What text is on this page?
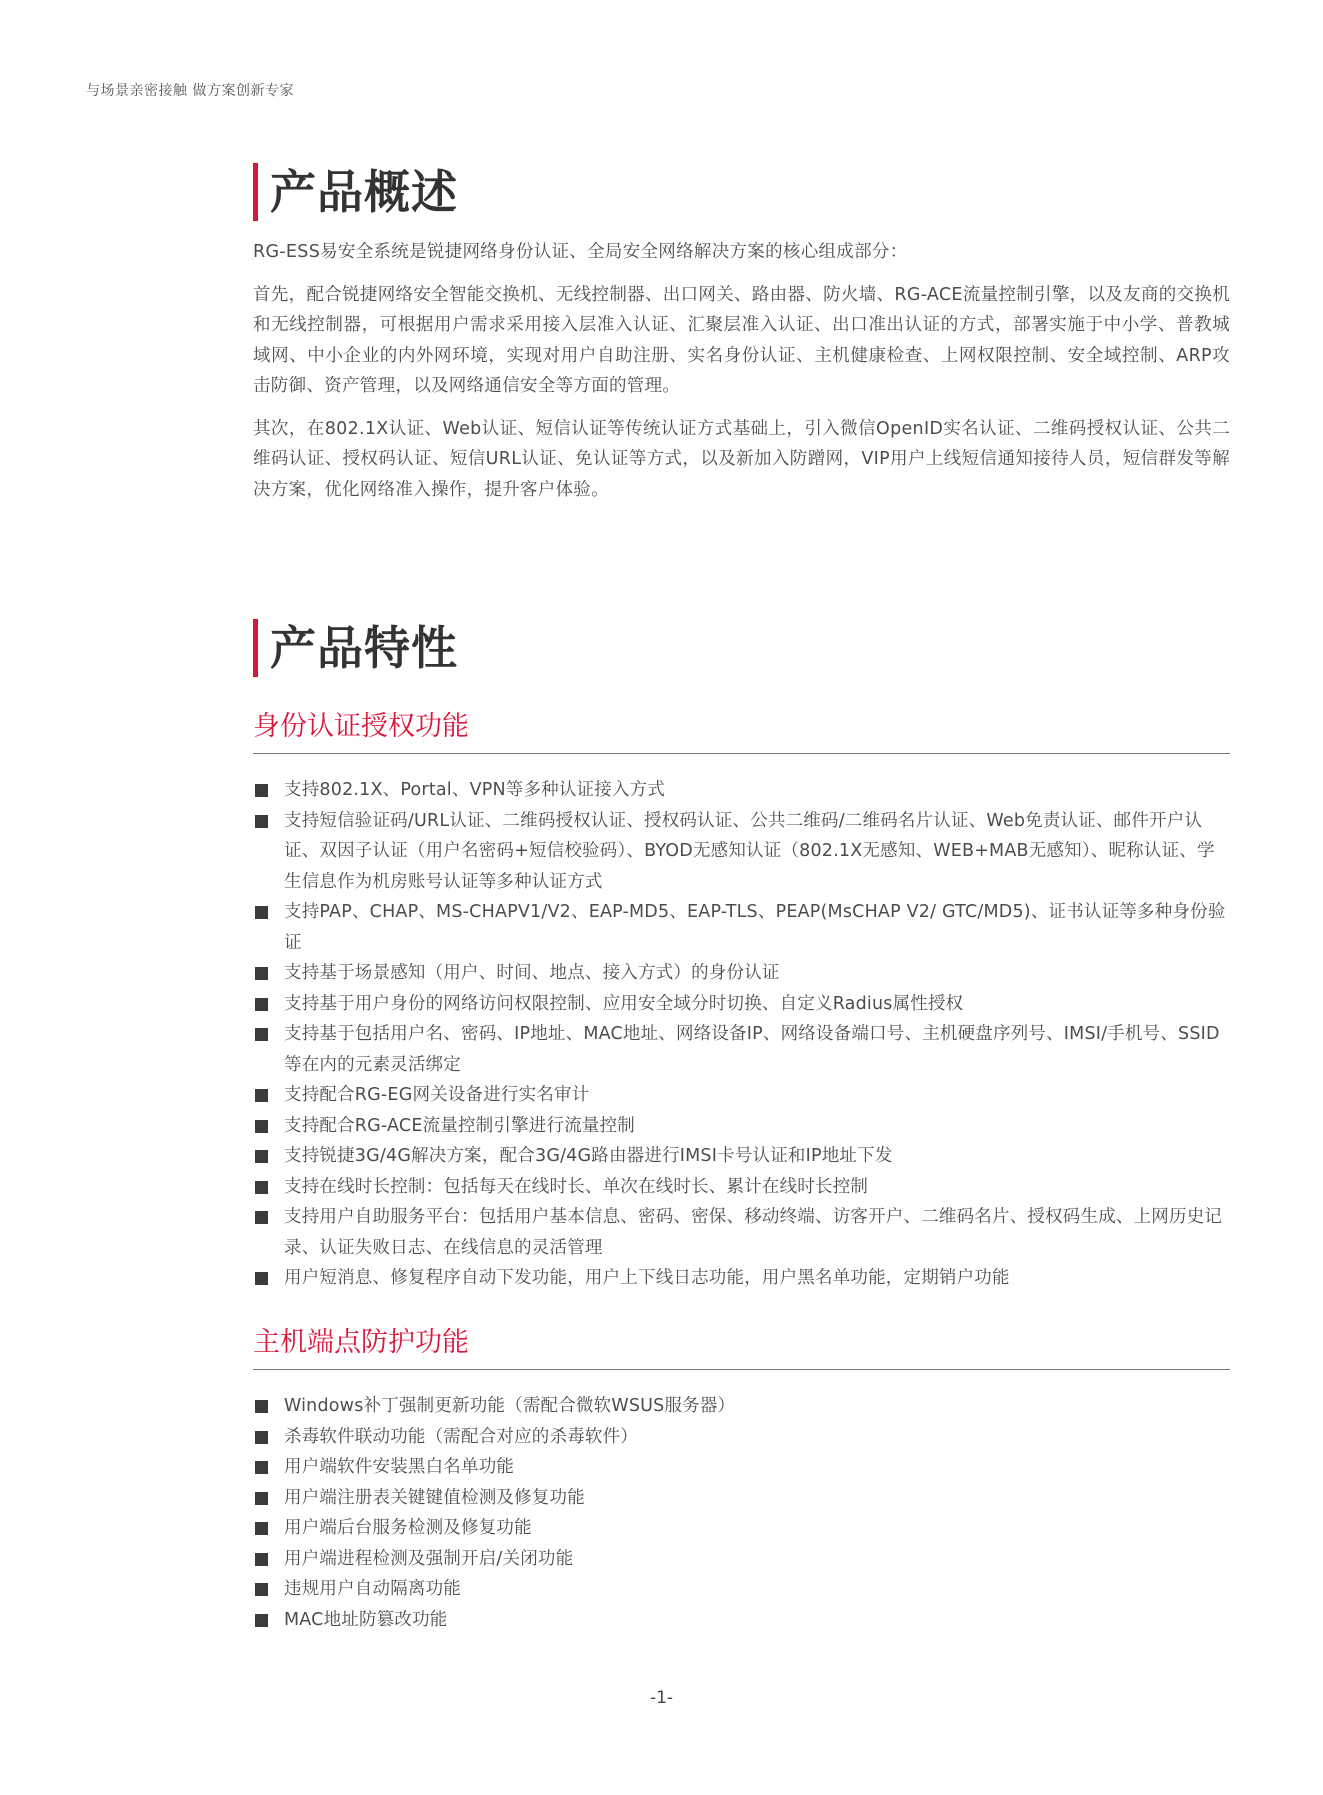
与场景亲密接触 做方案创新专家

产品概述

RG-ESS易安全系统是锐捷网络身份认证、全局安全网络解决方案的核心组成部分：

首先，配合锐捷网络安全智能交换机、无线控制器、出口网关、路由器、防火墙、RG-ACE流量控制引擎，以及友商的交换机和无线控制器，可根据用户需求采用接入层准入认证、汇聚层准入认证、出口准出认证的方式，部署实施于中小学、普教城域网、中小企业的内外网环境，实现对用户自助注册、实名身份认证、主机健康检查、上网权限控制、安全域控制、ARP攻击防御、资产管理，以及网络通信安全等方面的管理。

其次，在802.1X认证、Web认证、短信认证等传统认证方式基础上，引入微信OpenID实名认证、二维码授权认证、公共二维码认证、授权码认证、短信URL认证、免认证等方式，以及新加入防蹭网，VIP用户上线短信通知接待人员，短信群发等解决方案，优化网络准入操作，提升客户体验。

产品特性
身份认证授权功能
支持802.1X、Portal、VPN等多种认证接入方式
支持短信验证码/URL认证、二维码授权认证、授权码认证、公共二维码/二维码名片认证、Web免责认证、邮件开户认证、双因子认证（用户名密码+短信校验码）、BYOD无感知认证（802.1X无感知、WEB+MAB无感知）、昵称认证、学生信息作为机房账号认证等多种认证方式
支持PAP、CHAP、MS-CHAPV1/V2、EAP-MD5、EAP-TLS、PEAP(MsCHAP V2/ GTC/MD5)、证书认证等多种身份验证
支持基于场景感知（用户、时间、地点、接入方式）的身份认证
支持基于用户身份的网络访问权限控制、应用安全域分时切换、自定义Radius属性授权
支持基于包括用户名、密码、IP地址、MAC地址、网络设备IP、网络设备端口号、主机硬盘序列号、IMSI/手机号、SSID等在内的元素灵活绑定
支持配合RG-EG网关设备进行实名审计
支持配合RG-ACE流量控制引擎进行流量控制
支持锐捷3G/4G解决方案，配合3G/4G路由器进行IMSI卡号认证和IP地址下发
支持在线时长控制：包括每天在线时长、单次在线时长、累计在线时长控制
支持用户自助服务平台：包括用户基本信息、密码、密保、移动终端、访客开户、二维码名片、授权码生成、上网历史记录、认证失败日志、在线信息的灵活管理
用户短消息、修复程序自动下发功能，用户上下线日志功能，用户黑名单功能，定期销户功能
主机端点防护功能
Windows补丁强制更新功能（需配合微软WSUS服务器）
杀毒软件联动功能（需配合对应的杀毒软件）
用户端软件安装黑白名单功能
用户端注册表关键键值检测及修复功能
用户端后台服务检测及修复功能
用户端进程检测及强制开启/关闭功能
违规用户自动隔离功能
MAC地址防篡改功能

-1-
